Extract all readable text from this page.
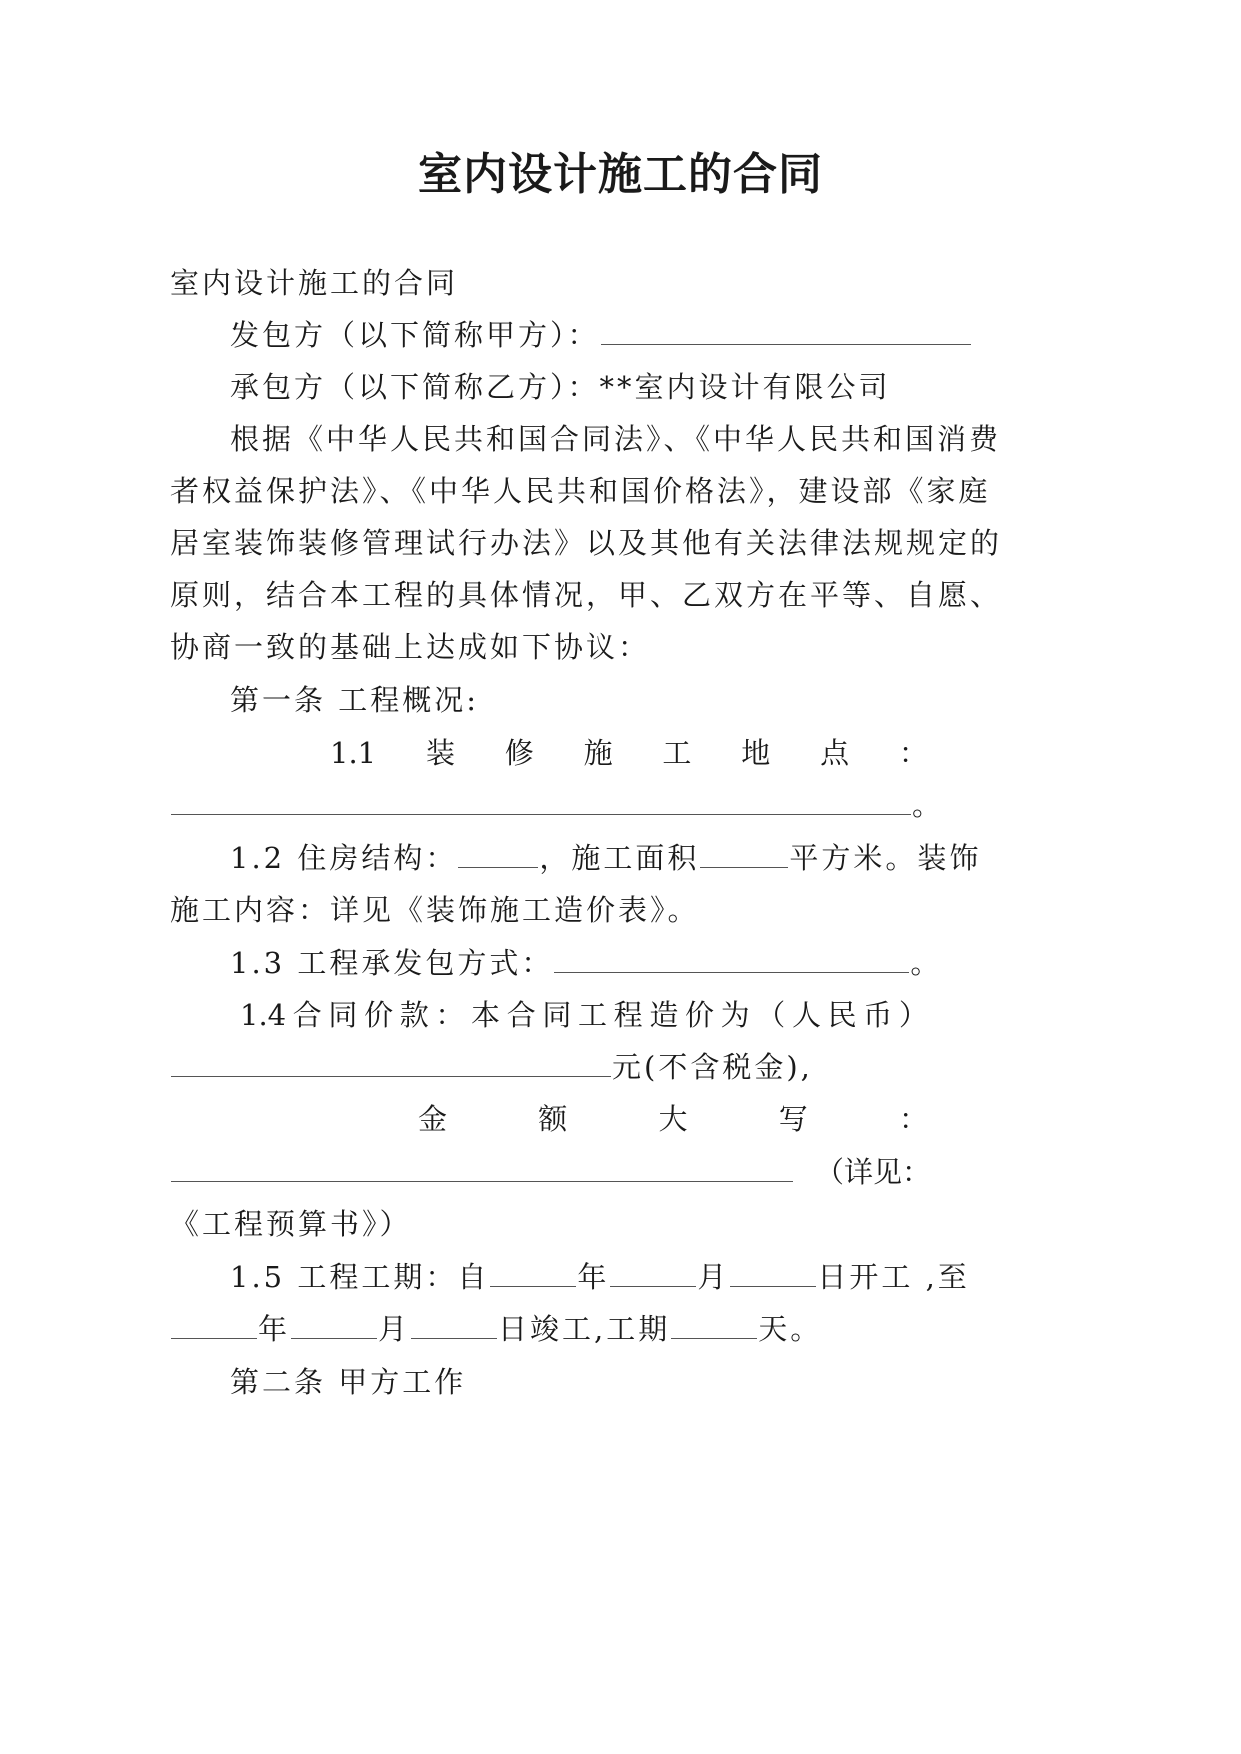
室内设计施工的合同
室内设计施工的合同
发包方（以下简称甲方）：
承包方（以下简称乙方）：**室内设计有限公司
根据《中华人民共和国合同法》、《中华人民共和国消费
者权益保护法》、《中华人民共和国价格法》，建设部《家庭
居室装饰装修管理试行办法》以及其他有关法律法规规定的
原则，结合本工程的具体情况，甲、乙双方在平等、自愿、
协商一致的基础上达成如下协议：
第一条 工程概况:
1.1 装 修 施 工 地 点 ：
。
1.2 住房结构：	，施工面积	平方米。装饰
施工内容：详见《装饰施工造价表》。
1.3 工程承发包方式：	。
1.4 合 同 价 款 ： 本 合 同 工 程 造 价 为 （ 人 民 币 ）
元(不含税金),
金	额	大	写	：
（ 详 见 ：
《工程预算书》）
1.5 工程工期：自	年	月	日开工 ,至
年	月	日竣工,工期	天。
第二条 甲方工作
